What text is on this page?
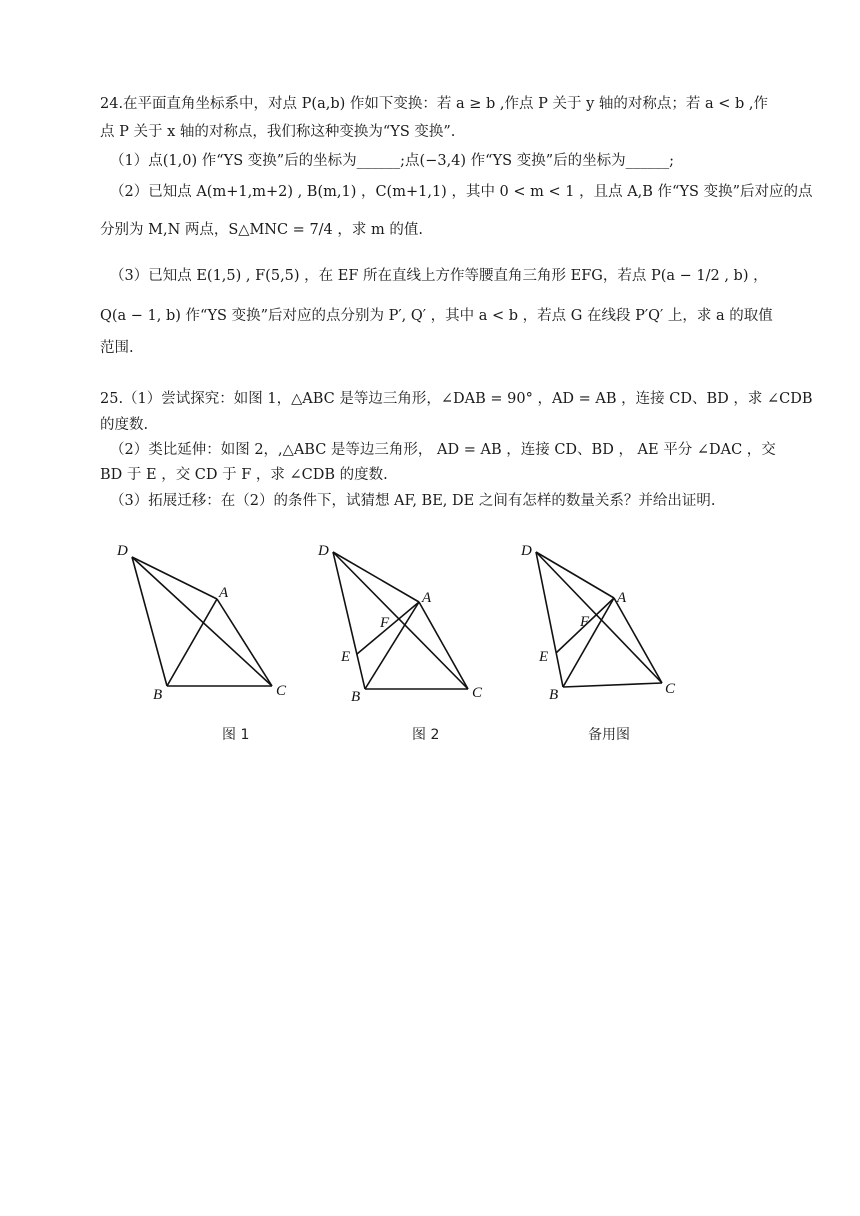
24.在平面直角坐标系中，对点 P(a,b) 作如下变换：若 a ≥ b ,作点 P 关于 y 轴的对称点；若 a < b ,作
点 P 关于 x 轴的对称点，我们称这种变换为“YS 变换”.
（1）点(1,0) 作“YS 变换”后的坐标为______;点(−3,4) 作“YS 变换”后的坐标为______;
（2）已知点 A(m+1,m+2) , B(m,1) ，C(m+1,1) ，其中 0 < m < 1 ，且点 A,B 作“YS 变换”后对应的点
分别为 M,N 两点，S△MNC = 7/4 ，求 m 的值.
（3）已知点 E(1,5) , F(5,5) ，在 EF 所在直线上方作等腰直角三角形 EFG，若点 P(a − 1/2 , b) ，
Q(a − 1, b) 作“YS 变换”后对应的点分别为 P′, Q′ ，其中 a < b ，若点 G 在线段 P′Q′ 上，求 a 的取值
范围.
25.（1）尝试探究：如图 1，△ABC 是等边三角形，∠DAB = 90° ，AD = AB ，连接 CD、BD ，求 ∠CDB
的度数.
（2）类比延伸：如图 2，,△ABC 是等边三角形， AD = AB ，连接 CD、BD ， AE 平分 ∠DAC ，交
BD 于 E ，交 CD 于 F ，求 ∠CDB 的度数.
（3）拓展迁移：在（2）的条件下，试猜想 AF, BE, DE 之间有怎样的数量关系？并给出证明.
D
A
B	C
图 1
D
A
F
E
B	C
图 2
D
A
F
E
B	C
备用图
